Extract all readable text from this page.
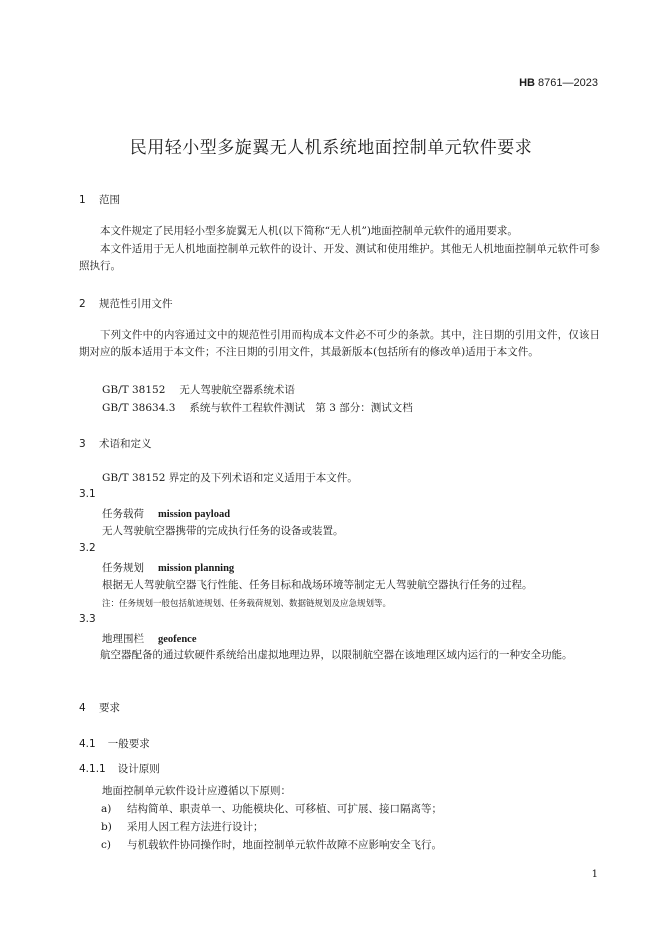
HB 8761—2023
民用轻小型多旋翼无人机系统地面控制单元软件要求
1 范围
本文件规定了民用轻小型多旋翼无人机(以下简称“无人机”)地面控制单元软件的通用要求。
本文件适用于无人机地面控制单元软件的设计、开发、测试和使用维护。其他无人机地面控制单元软件可参照执行。
2 规范性引用文件
下列文件中的内容通过文中的规范性引用而构成本文件必不可少的条款。其中，注日期的引用文件，仅该日期对应的版本适用于本文件；不注日期的引用文件，其最新版本(包括所有的修改单)适用于本文件。
GB/T 38152 无人驾驶航空器系统术语
GB/T 38634.3 系统与软件工程软件测试　第 3 部分：测试文档
3 术语和定义
GB/T 38152 界定的及下列术语和定义适用于本文件。
3.1
任务载荷 mission payload
无人驾驶航空器携带的完成执行任务的设备或装置。
3.2
任务规划 mission planning
根据无人驾驶航空器飞行性能、任务目标和战场环境等制定无人驾驶航空器执行任务的过程。
注：任务规划一般包括航迹规划、任务载荷规划、数据链规划及应急规划等。
3.3
地理围栏 geofence
航空器配备的通过软硬件系统给出虚拟地理边界，以限制航空器在该地理区域内运行的一种安全功能。
4 要求
4.1 一般要求
4.1.1 设计原则
地面控制单元软件设计应遵循以下原则：
a) 结构简单、职责单一、功能模块化、可移植、可扩展、接口隔离等；
b) 采用人因工程方法进行设计；
c) 与机载软件协同操作时，地面控制单元软件故障不应影响安全飞行。
1
